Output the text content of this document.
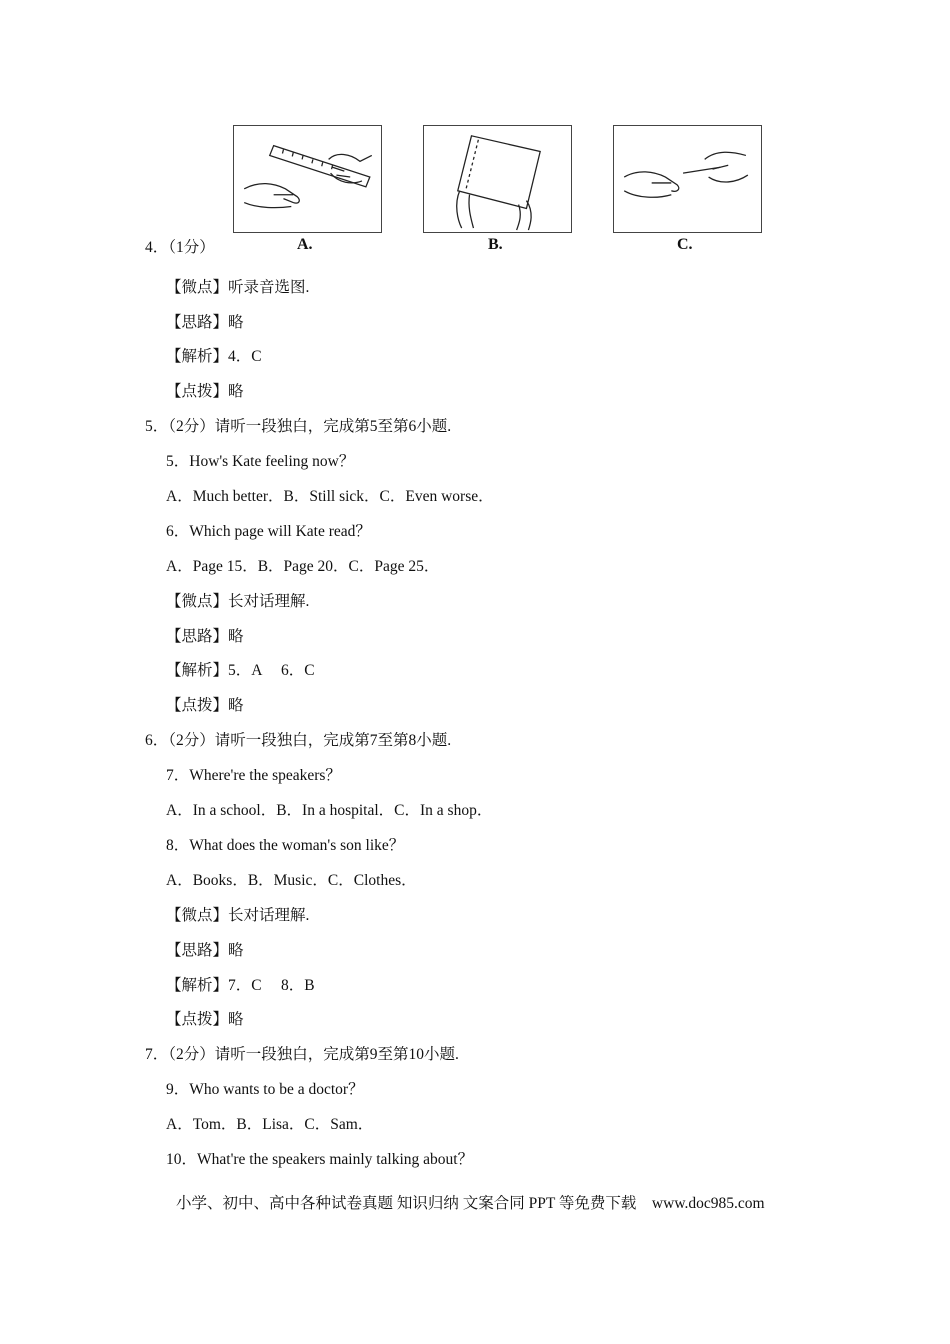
A.	B.	C.
4．（1分）
【微点】听录音选图.
【思路】略
【解析】4．C
【点拨】略
5．（2分）请听一段独白，完成第5至第6小题.
5．How's Kate feeling now？
A．Much better．B．Still sick．C．Even worse．
6．Which page will Kate read？
A．Page 15．B．Page 20．C．Page 25．
【微点】长对话理解.
【思路】略
【解析】5．A　 6．C
【点拨】略
6．（2分）请听一段独白，完成第7至第8小题.
7．Where're the speakers？
A．In a school．B．In a hospital．C．In a shop．
8．What does the woman's son like？
A．Books．B．Music．C．Clothes．
【微点】长对话理解.
【思路】略
【解析】7．C　 8．B
【点拨】略
7．（2分）请听一段独白，完成第9至第10小题.
9．Who wants to be a doctor？
A．Tom．B．Lisa．C．Sam．
10．What're the speakers mainly talking about？
小学、初中、高中各种试卷真题 知识归纳 文案合同 PPT 等免费下载　www.doc985.com
